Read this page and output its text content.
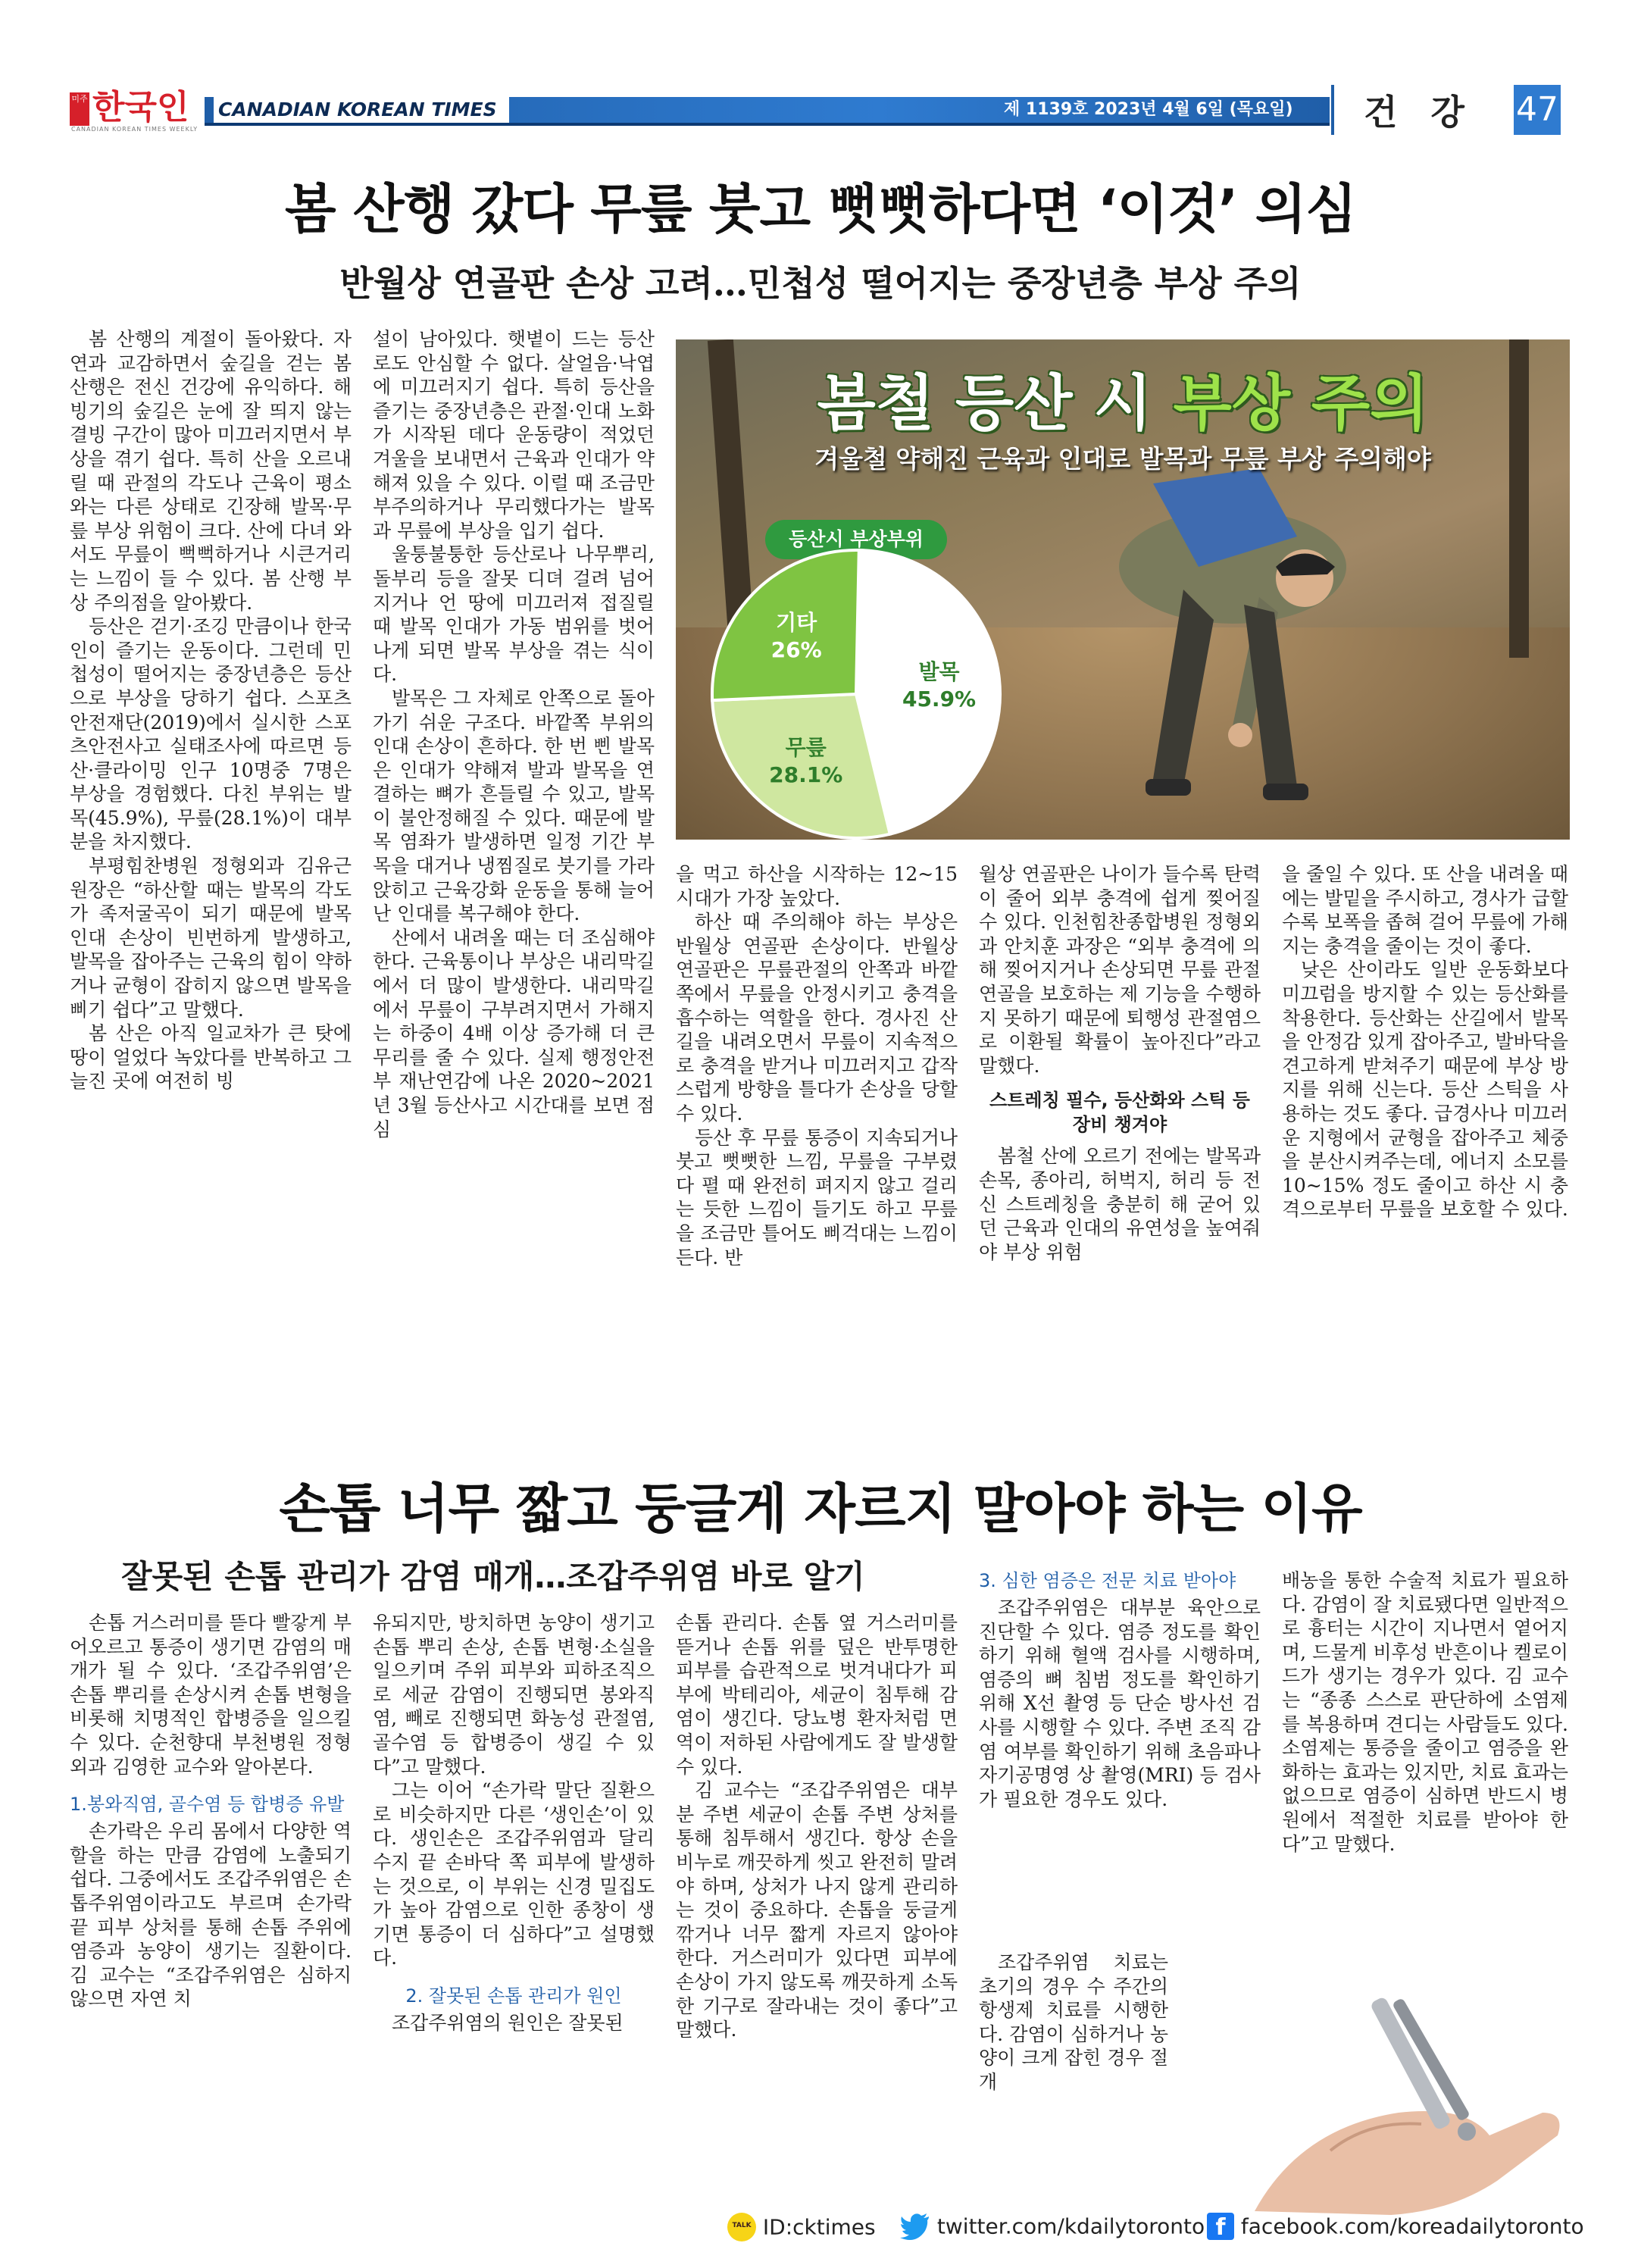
미주 한국인
CANADIAN KOREAN TIMES WEEKLY
CANADIAN KOREAN TIMES	제 1139호 2023년 4월 6일 (목요일) 건 강 47
봄 산행 갔다 무릎 붓고 뻣뻣하다면 ‘이것’ 의심
반월상 연골판 손상 고려…민첩성 떨어지는 중장년층 부상 주의

봄 산행의 계절이 돌아왔다. 자연과 교감하면서 숲길을 걷는 봄 산행은 전신 건강에 유익하다. 해빙기의 숲길은 눈에 잘 띄지 않는 결빙 구간이 많아 미끄러지면서 부상을 겪기 쉽다. 특히 산을 오르내릴 때 관절의 각도나 근육이 평소와는 다른 상태로 긴장해 발목·무릎 부상 위험이 크다. 산에 다녀 와서도 무릎이 뻑뻑하거나 시큰거리는 느낌이 들 수 있다. 봄 산행 부상 주의점을 알아봤다.

등산은 걷기·조깅 만큼이나 한국인이 즐기는 운동이다. 그런데 민첩성이 떨어지는 중장년층은 등산으로 부상을 당하기 쉽다. 스포츠안전재단(2019)에서 실시한 스포츠안전사고 실태조사에 따르면 등산·클라이밍 인구 10명중 7명은 부상을 경험했다. 다친 부위는 발목(45.9%), 무릎(28.1%)이 대부분을 차지했다.

부평힘찬병원 정형외과 김유근 원장은 “하산할 때는 발목의 각도가 족저굴곡이 되기 때문에 발목 인대 손상이 빈번하게 발생하고, 발목을 잡아주는 근육의 힘이 약하거나 균형이 잡히지 않으면 발목을 삐기 쉽다”고 말했다.

봄 산은 아직 일교차가 큰 탓에 땅이 얼었다 녹았다를 반복하고 그늘진 곳에 여전히 빙

설이 남아있다. 햇볕이 드는 등산로도 안심할 수 없다. 살얼음·낙엽에 미끄러지기 쉽다. 특히 등산을 즐기는 중장년층은 관절·인대 노화가 시작된 데다 운동량이 적었던 겨울을 보내면서 근육과 인대가 약해져 있을 수 있다. 이럴 때 조금만 부주의하거나 무리했다가는 발목과 무릎에 부상을 입기 쉽다.

울퉁불퉁한 등산로나 나무뿌리, 돌부리 등을 잘못 디뎌 걸려 넘어지거나 언 땅에 미끄러져 접질릴 때 발목 인대가 가동 범위를 벗어나게 되면 발목 부상을 겪는 식이다.

발목은 그 자체로 안쪽으로 돌아가기 쉬운 구조다. 바깥쪽 부위의 인대 손상이 흔하다. 한 번 삔 발목은 인대가 약해져 발과 발목을 연결하는 뼈가 흔들릴 수 있고, 발목이 불안정해질 수 있다. 때문에 발목 염좌가 발생하면 일정 기간 부목을 대거나 냉찜질로 붓기를 가라앉히고 근육강화 운동을 통해 늘어난 인대를 복구해야 한다.

산에서 내려올 때는 더 조심해야 한다. 근육통이나 부상은 내리막길에서 더 많이 발생한다. 내리막길에서 무릎이 구부려지면서 가해지는 하중이 4배 이상 증가해 더 큰 무리를 줄 수 있다. 실제 행정안전부 재난연감에 나온 2020~2021년 3월 등산사고 시간대를 보면 점심

봄철 등산 시 부상 주의
겨울철 약해진 근육과 인대로 발목과 무릎 부상 주의해야
등산시 부상부위
발목
45.9%
무릎
28.1%
기타
26%

을 먹고 하산을 시작하는 12~15시대가 가장 높았다.

하산 때 주의해야 하는 부상은 반월상 연골판 손상이다. 반월상 연골판은 무릎관절의 안쪽과 바깥쪽에서 무릎을 안정시키고 충격을 흡수하는 역할을 한다. 경사진 산길을 내려오면서 무릎이 지속적으로 충격을 받거나 미끄러지고 갑작스럽게 방향을 틀다가 손상을 당할 수 있다.

등산 후 무릎 통증이 지속되거나 붓고 뻣뻣한 느낌, 무릎을 구부렸다 펼 때 완전히 펴지지 않고 걸리는 듯한 느낌이 들기도 하고 무릎을 조금만 틀어도 삐걱대는 느낌이 든다. 반

월상 연골판은 나이가 들수록 탄력이 줄어 외부 충격에 쉽게 찢어질 수 있다. 인천힘찬종합병원 정형외과 안치훈 과장은 “외부 충격에 의해 찢어지거나 손상되면 무릎 관절 연골을 보호하는 제 기능을 수행하지 못하기 때문에 퇴행성 관절염으로 이환될 확률이 높아진다”라고 말했다.

스트레칭 필수, 등산화와 스틱 등 장비 챙겨야

봄철 산에 오르기 전에는 발목과 손목, 종아리, 허벅지, 허리 등 전신 스트레칭을 충분히 해 굳어 있던 근육과 인대의 유연성을 높여줘야 부상 위험

을 줄일 수 있다. 또 산을 내려올 때에는 발밑을 주시하고, 경사가 급할수록 보폭을 좁혀 걸어 무릎에 가해지는 충격을 줄이는 것이 좋다.

낮은 산이라도 일반 운동화보다 미끄럼을 방지할 수 있는 등산화를 착용한다. 등산화는 산길에서 발목을 안정감 있게 잡아주고, 발바닥을 견고하게 받쳐주기 때문에 부상 방지를 위해 신는다. 등산 스틱을 사용하는 것도 좋다. 급경사나 미끄러운 지형에서 균형을 잡아주고 체중을 분산시켜주는데, 에너지 소모를 10~15% 정도 줄이고 하산 시 충격으로부터 무릎을 보호할 수 있다.

손톱 너무 짧고 둥글게 자르지 말아야 하는 이유
잘못된 손톱 관리가 감염 매개…조갑주위염 바로 알기

손톱 거스러미를 뜯다 빨갛게 부어오르고 통증이 생기면 감염의 매개가 될 수 있다. ‘조갑주위염’은 손톱 뿌리를 손상시켜 손톱 변형을 비롯해 치명적인 합병증을 일으킬 수 있다. 순천향대 부천병원 정형외과 김영한 교수와 알아본다.

1.봉와직염, 골수염 등 합병증 유발

손가락은 우리 몸에서 다양한 역할을 하는 만큼 감염에 노출되기 쉽다. 그중에서도 조갑주위염은 손톱주위염이라고도 부르며 손가락 끝 피부 상처를 통해 손톱 주위에 염증과 농양이 생기는 질환이다. 김 교수는 “조갑주위염은 심하지 않으면 자연 치

유되지만, 방치하면 농양이 생기고 손톱 뿌리 손상, 손톱 변형·소실을 일으키며 주위 피부와 피하조직으로 세균 감염이 진행되면 봉와직염, 빼로 진행되면 화농성 관절염, 골수염 등 합병증이 생길 수 있다”고 말했다.

그는 이어 “손가락 말단 질환으로 비슷하지만 다른 ‘생인손’이 있다. 생인손은 조갑주위염과 달리 수지 끝 손바닥 쪽 피부에 발생하는 것으로, 이 부위는 신경 밀집도가 높아 감염으로 인한 종창이 생기면 통증이 더 심하다”고 설명했다.

2. 잘못된 손톱 관리가 원인

조갑주위염의 원인은 잘못된

손톱 관리다. 손톱 옆 거스러미를 뜯거나 손톱 위를 덮은 반투명한 피부를 습관적으로 벗겨내다가 피부에 박테리아, 세균이 침투해 감염이 생긴다. 당뇨병 환자처럼 면역이 저하된 사람에게도 잘 발생할 수 있다.

김 교수는 “조갑주위염은 대부분 주변 세균이 손톱 주변 상처를 통해 침투해서 생긴다. 항상 손을 비누로 깨끗하게 씻고 완전히 말려야 하며, 상처가 나지 않게 관리하는 것이 중요하다. 손톱을 둥글게 깎거나 너무 짧게 자르지 않아야 한다. 거스러미가 있다면 피부에 손상이 가지 않도록 깨끗하게 소독한 기구로 잘라내는 것이 좋다”고 말했다.

3. 심한 염증은 전문 치료 받아야

조갑주위염은 대부분 육안으로 진단할 수 있다. 염증 정도를 확인하기 위해 혈액 검사를 시행하며, 염증의 뼈 침범 정도를 확인하기 위해 X선 촬영 등 단순 방사선 검사를 시행할 수 있다. 주변 조직 감염 여부를 확인하기 위해 초음파나 자기공명영 상 촬영(MRI) 등 검사가 필요한 경우도 있다.

조갑주위염 치료는 초기의 경우 수 주간의 항생제 치료를 시행한다. 감염이 심하거나 농양이 크게 잡힌 경우 절개

배농을 통한 수술적 치료가 필요하다. 감염이 잘 치료됐다면 일반적으로 흉터는 시간이 지나면서 옅어지며, 드물게 비후성 반흔이나 켈로이드가 생기는 경우가 있다. 김 교수는 “종종 스스로 판단하에 소염제를 복용하며 견디는 사람들도 있다. 소염제는 통증을 줄이고 염증을 완화하는 효과는 있지만, 치료 효과는 없으므로 염증이 심하면 반드시 병원에서 적절한 치료를 받아야 한다”고 말했다.

TALK ID:cktimes	twitter.com/kdailytoronto f facebook.com/koreadailytoronto
